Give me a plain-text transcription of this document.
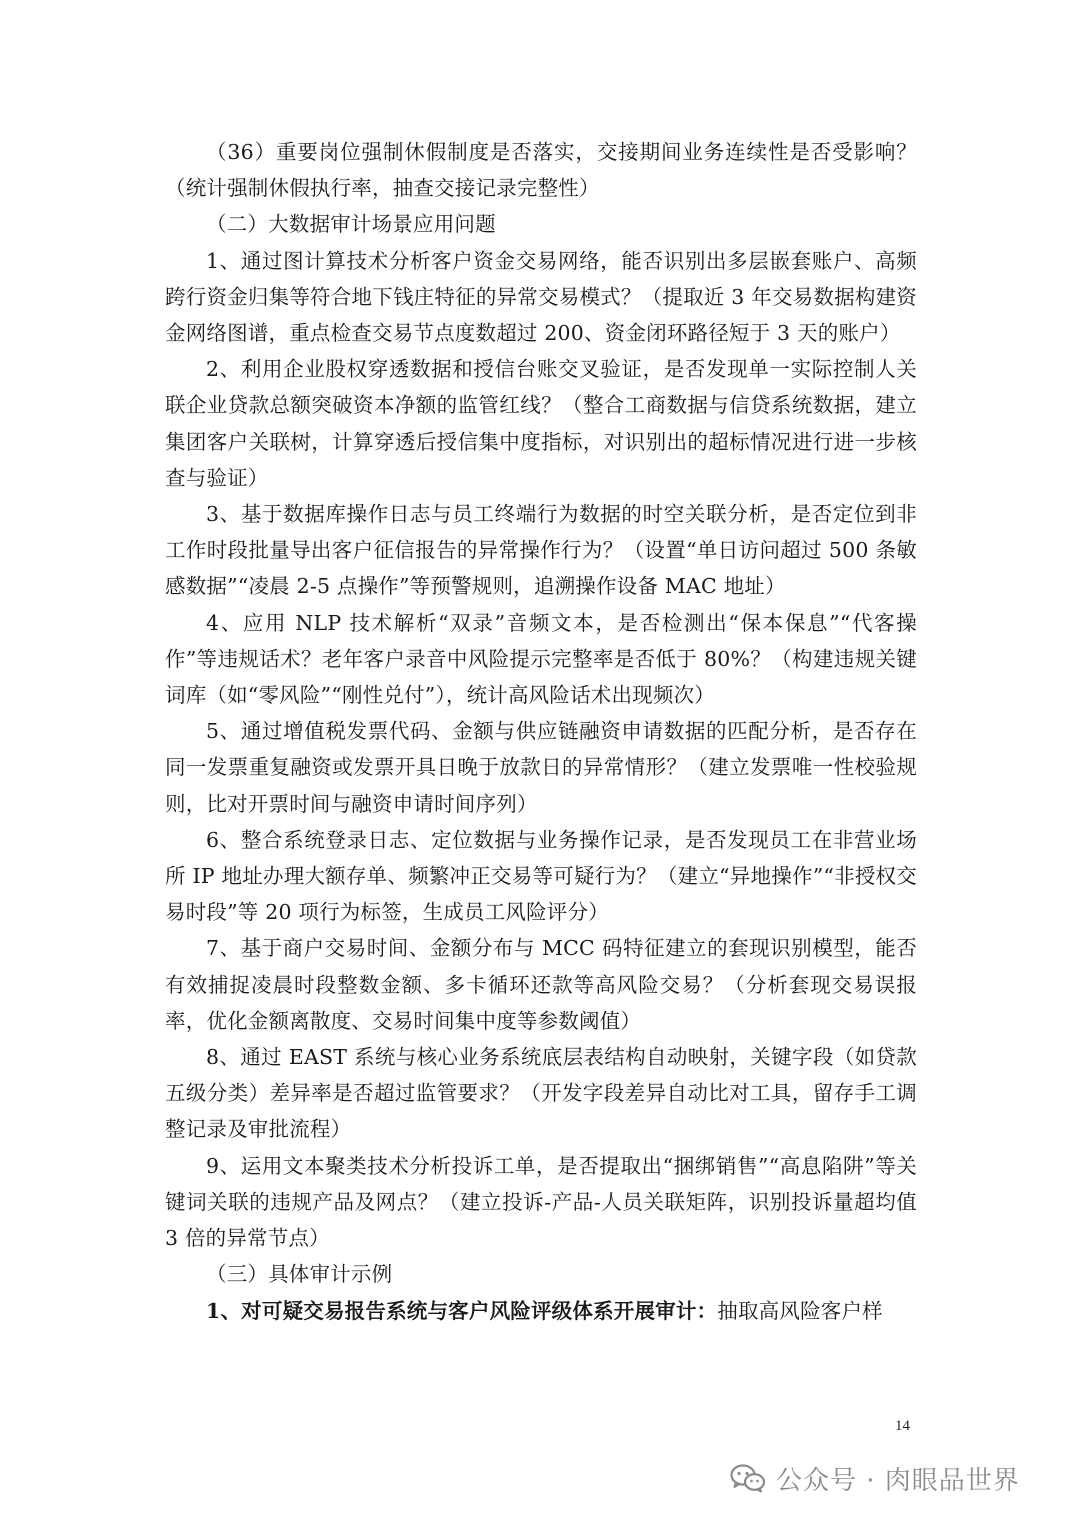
（36）重要岗位强制休假制度是否落实，交接期间业务连续性是否受影响？（统计强制休假执行率，抽查交接记录完整性）

（二）大数据审计场景应用问题

1、通过图计算技术分析客户资金交易网络，能否识别出多层嵌套账户、高频跨行资金归集等符合地下钱庄特征的异常交易模式？（提取近 3 年交易数据构建资金网络图谱，重点检查交易节点度数超过 200、资金闭环路径短于 3 天的账户）

2、利用企业股权穿透数据和授信台账交叉验证，是否发现单一实际控制人关联企业贷款总额突破资本净额的监管红线？（整合工商数据与信贷系统数据，建立集团客户关联树，计算穿透后授信集中度指标，对识别出的超标情况进行进一步核查与验证）

3、基于数据库操作日志与员工终端行为数据的时空关联分析，是否定位到非工作时段批量导出客户征信报告的异常操作行为？（设置“单日访问超过 500 条敏感数据”“凌晨 2-5 点操作”等预警规则，追溯操作设备 MAC 地址）

4、应用 NLP 技术解析“双录”音频文本，是否检测出“保本保息”“代客操作”等违规话术？老年客户录音中风险提示完整率是否低于 80%？（构建违规关键词库（如“零风险”“刚性兑付”），统计高风险话术出现频次）

5、通过增值税发票代码、金额与供应链融资申请数据的匹配分析，是否存在同一发票重复融资或发票开具日晚于放款日的异常情形？（建立发票唯一性校验规则，比对开票时间与融资申请时间序列）

6、整合系统登录日志、定位数据与业务操作记录，是否发现员工在非营业场所 IP 地址办理大额存单、频繁冲正交易等可疑行为？（建立“异地操作”“非授权交易时段”等 20 项行为标签，生成员工风险评分）

7、基于商户交易时间、金额分布与 MCC 码特征建立的套现识别模型，能否有效捕捉凌晨时段整数金额、多卡循环还款等高风险交易？（分析套现交易误报率，优化金额离散度、交易时间集中度等参数阈值）

8、通过 EAST 系统与核心业务系统底层表结构自动映射，关键字段（如贷款五级分类）差异率是否超过监管要求？（开发字段差异自动比对工具，留存手工调整记录及审批流程）

9、运用文本聚类技术分析投诉工单，是否提取出“捆绑销售”“高息陷阱”等关键词关联的违规产品及网点？（建立投诉-产品-人员关联矩阵，识别投诉量超均值 3 倍的异常节点）

（三）具体审计示例

1、对可疑交易报告系统与客户风险评级体系开展审计：抽取高风险客户样

14
公众号 · 肉眼品世界
